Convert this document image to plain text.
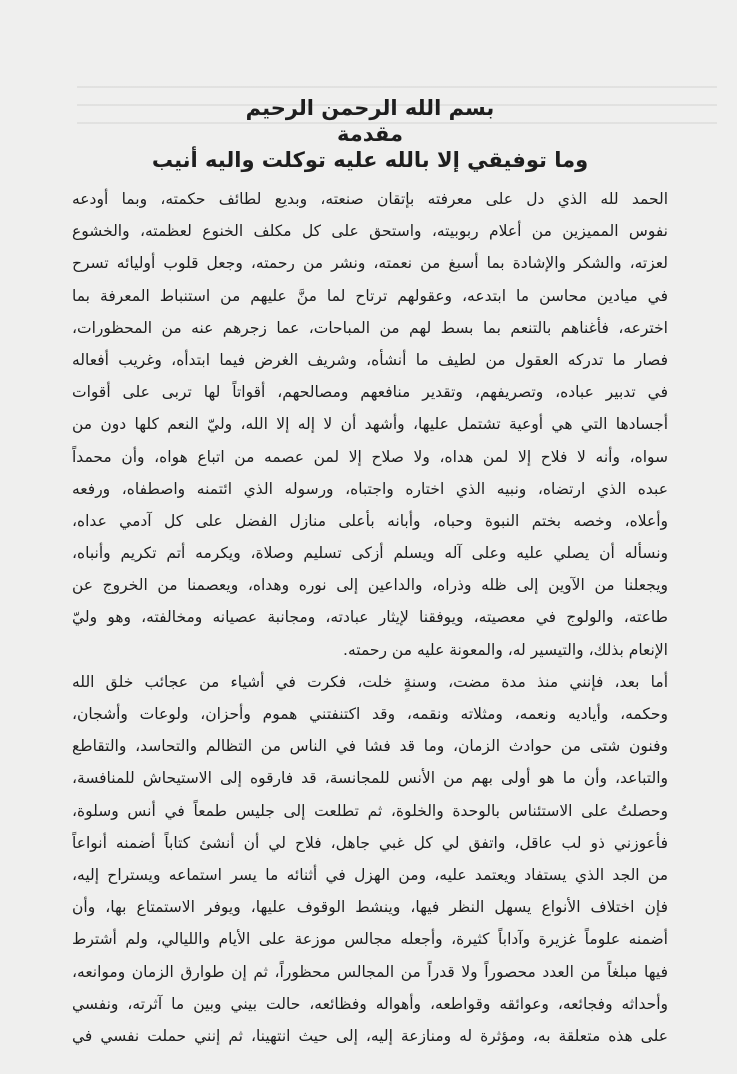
بسم الله الرحمن الرحيم

مقدمة

وما توفيقي إلا بالله عليه توكلت واليه أنيب

الحمد لله الذي دل على معرفته بإتقان صنعته، وبديع لطائف حكمته، وبما أودعه
نفوس المميزين من أعلام ربوبيته، واستحق على كل مكلف الخنوع لعظمته، والخشوع
لعزته، والشكر والإشادة بما أسبغ من نعمته، ونشر من رحمته، وجعل قلوب أوليائه تسرح
في ميادين محاسن ما ابتدعه، وعقولهم ترتاح لما منَّ عليهم من استنباط المعرفة بما
اخترعه، فأغناهم بالتنعم بما بسط لهم من المباحات، عما زجرهم عنه من المحظورات،
فصار ما تدركه العقول من لطيف ما أنشأه، وشريف الغرض فيما ابتدأه، وغريب أفعاله
في تدبير عباده، وتصريفهم، وتقدير منافعهم ومصالحهم، أقواتاً لها تربى على أقوات
أجسادها التي هي أوعية تشتمل عليها، وأشهد أن لا إله إلا الله، وليّ النعم كلها دون من
سواه، وأنه لا فلاح إلا لمن هداه، ولا صلاح إلا لمن عصمه من اتباع هواه، وأن محمداً
عبده الذي ارتضاه، ونبيه الذي اختاره واجتباه، ورسوله الذي ائتمنه واصطفاه، ورفعه
وأعلاه، وخصه بختم النبوة وحباه، وأبانه بأعلى منازل الفضل على كل آدمي عداه،
ونسأله أن يصلي عليه وعلى آله ويسلم أزكى تسليم وصلاة، ويكرمه أتم تكريم وأنباه،
ويجعلنا من الآوين إلى ظله وذراه، والداعين إلى نوره وهداه، ويعصمنا من الخروج عن
طاعته، والولوج في معصيته، ويوفقنا لإيثار عبادته، ومجانبة عصيانه ومخالفته، وهو وليّ
الإنعام بذلك، والتيسير له، والمعونة عليه من رحمته.
أما بعد، فإنني منذ مدة مضت، وسنةٍ خلت، فكرت في أشياء من عجائب خلق الله
وحكمه، وأياديه ونعمه، ومثلاته ونقمه، وقد اكتنفتني هموم وأحزان، ولوعات وأشجان،
وفنون شتى من حوادث الزمان، وما قد فشا في الناس من التظالم والتحاسد، والتقاطع
والتباعد، وأن ما هو أولى بهم من الأنس للمجانسة، قد فارقوه إلى الاستيحاش للمنافسة،
وحصلتُ على الاستئناس بالوحدة والخلوة، ثم تطلعت إلى جليس طمعاً في أنس وسلوة،
فأعوزني ذو لب عاقل، واتفق لي كل غبي جاهل، فلاح لي أن أنشئ كتاباً أضمنه أنواعاً
من الجد الذي يستفاد ويعتمد عليه، ومن الهزل في أثنائه ما يسر استماعه ويستراح إليه،
فإن اختلاف الأنواع يسهل النظر فيها، وينشط الوقوف عليها، ويوفر الاستمتاع بها، وأن
أضمنه علوماً غزيرة وآداباً كثيرة، وأجعله مجالس موزعة على الأيام والليالي، ولم أشترط
فيها مبلغاً من العدد محصوراً ولا قدراً من المجالس محظوراً، ثم إن طوارق الزمان وموانعه،
وأحداثه وفجائعه، وعوائقه وقواطعه، وأهواله وفظائعه، حالت بيني وبين ما آثرته، ونفسي
على هذه متعلقة به، ومؤثرة له ومنازعة إليه، إلى حيث انتهينا، ثم إنني حملت نفسي في
